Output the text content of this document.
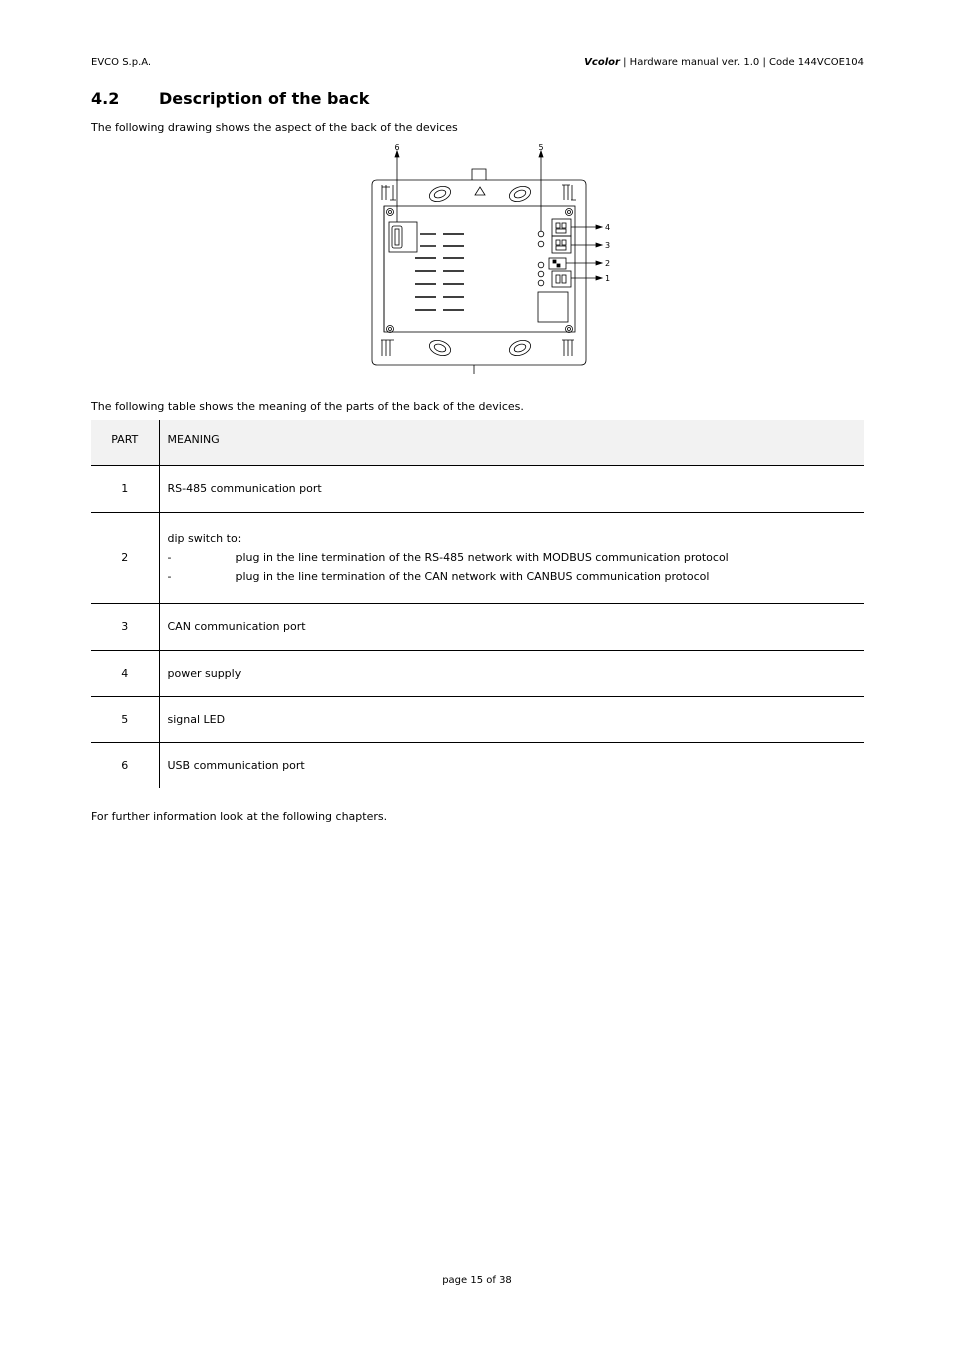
EVCO S.p.A.	Vcolor | Hardware manual ver. 1.0 | Code 144VCOE104
4.2 Description of the back
The following drawing shows the aspect of the back of the devices
6	5
4
3
2
1
The following table shows the meaning of the parts of the back of the devices.
PART	MEANING
1	RS-485 communication port
2	dip switch to:
- plug in the line termination of the RS-485 network with MODBUS communication protocol
- plug in the line termination of the CAN network with CANBUS communication protocol

3	CAN communication port
4	power supply
5	signal LED
6	USB communication port
For further information look at the following chapters.
page 15 of 38
